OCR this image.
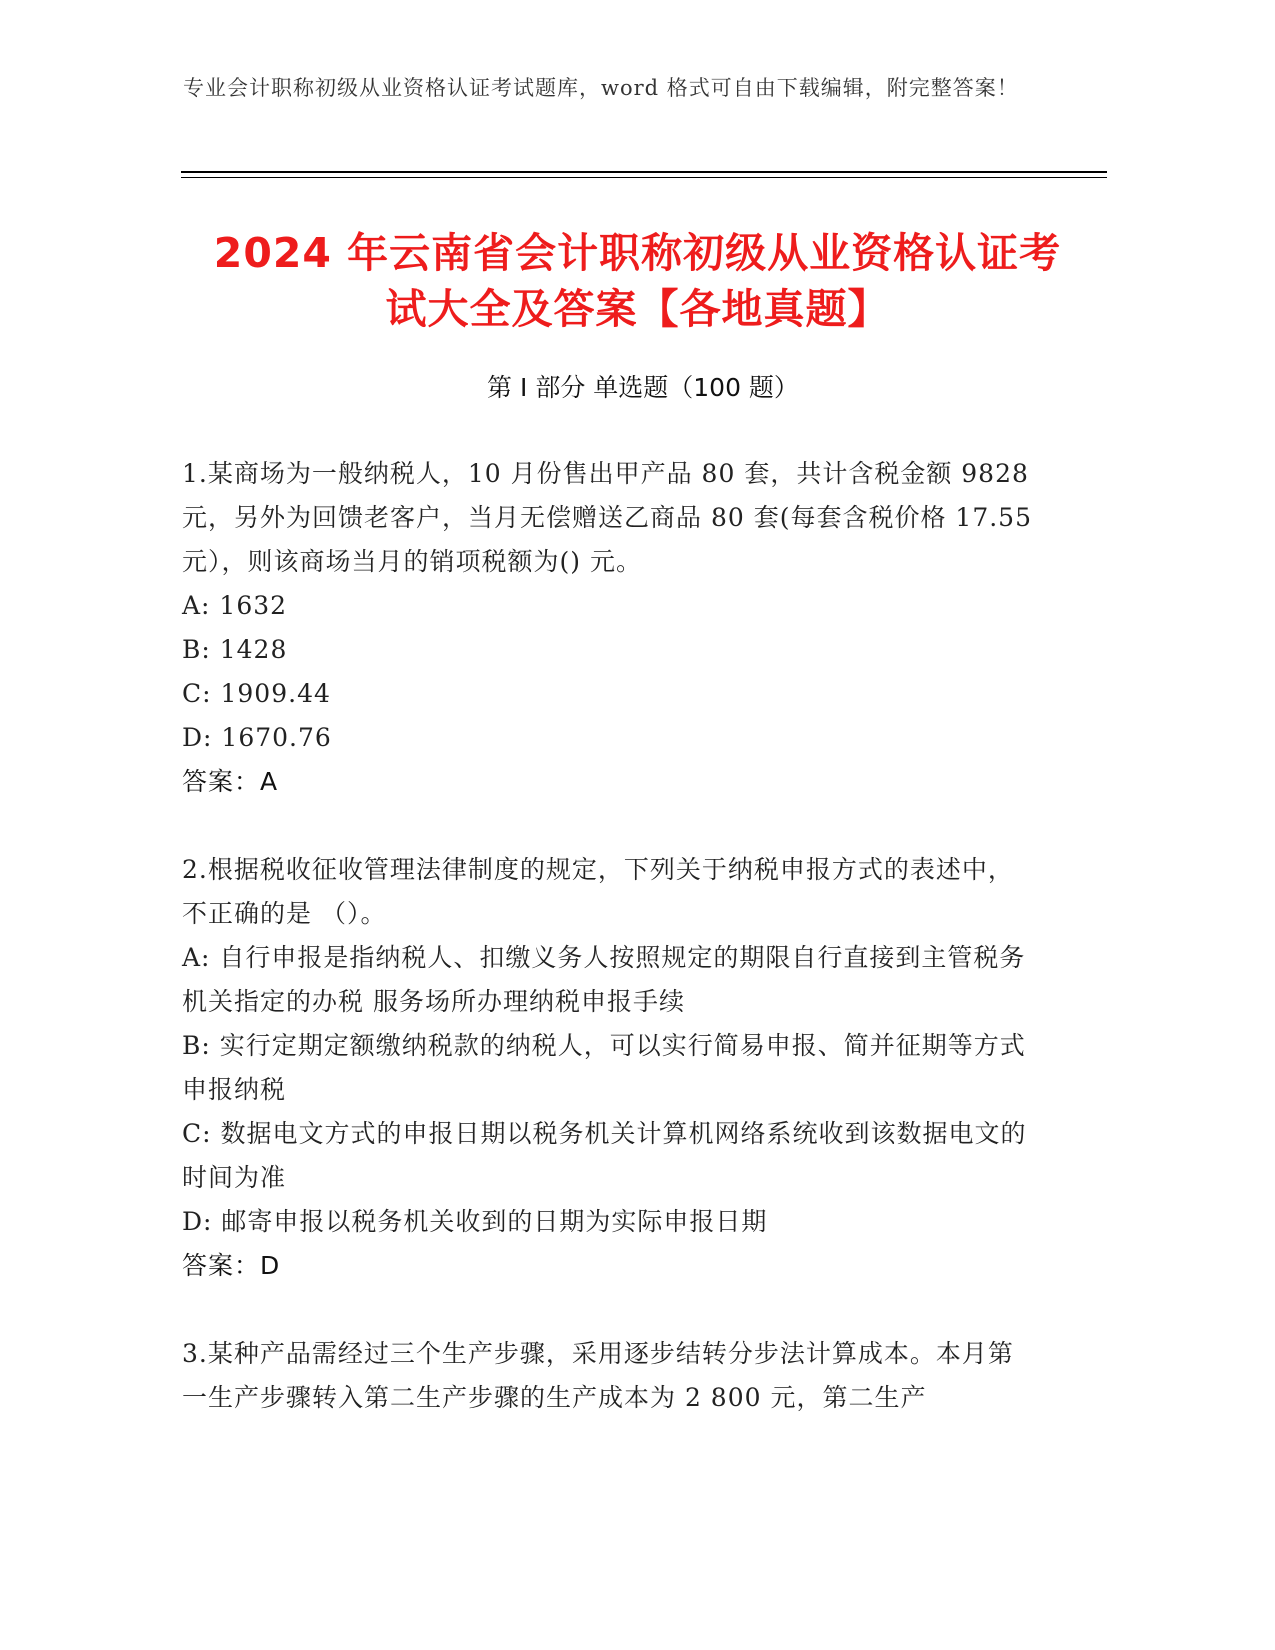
专业会计职称初级从业资格认证考试题库，word 格式可自由下载编辑，附完整答案！
2024 年云南省会计职称初级从业资格认证考
试大全及答案【各地真题】
第 I 部分 单选题（100 题）

1.某商场为一般纳税人，10 月份售出甲产品 80 套，共计含税金额 9828 元，另外为回馈老客户，当月无偿赠送乙商品 80 套(每套含税价格 17.55 元），则该商场当月的销项税额为() 元。

A: 1632

B: 1428

C: 1909.44

D: 1670.76

答案：A

2.根据税收征收管理法律制度的规定，下列关于纳税申报方式的表述中，不正确的是 （）。

A: 自行申报是指纳税人、扣缴义务人按照规定的期限自行直接到主管税务机关指定的办税 服务场所办理纳税申报手续

B: 实行定期定额缴纳税款的纳税人，可以实行简易申报、简并征期等方式申报纳税

C: 数据电文方式的申报日期以税务机关计算机网络系统收到该数据电文的时间为准

D: 邮寄申报以税务机关收到的日期为实际申报日期

答案：D

3.某种产品需经过三个生产步骤，采用逐步结转分步法计算成本。本月第一生产步骤转入第二生产步骤的生产成本为 2 800 元，第二生产
